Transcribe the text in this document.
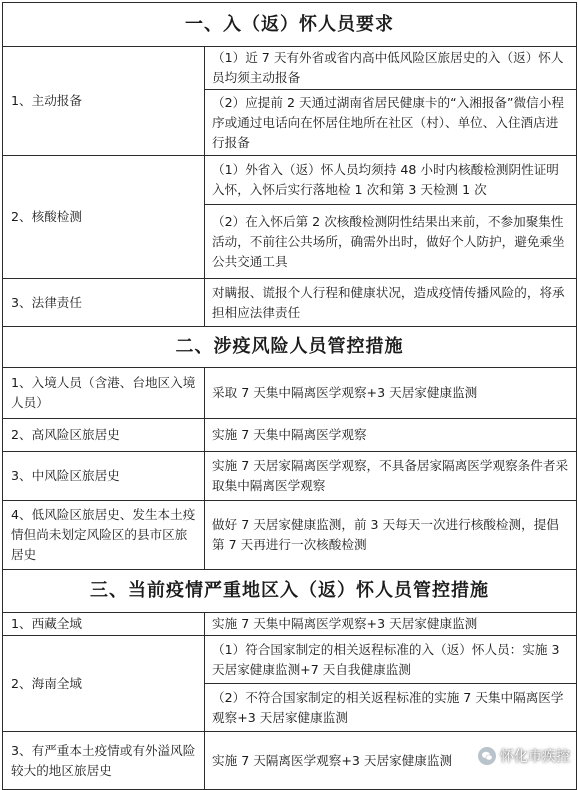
一、入（返）怀人员要求	
1、主动报备	（1）近 7 天有外省或省内高中低风险区旅居史的入（返）怀人员均须主动报备
	（2）应提前 2 天通过湖南省居民健康卡的“入湘报备”微信小程序或通过电话向在怀居住地所在社区（村）、单位、入住酒店进行报备
2、核酸检测	（1）外省入（返）怀人员均须持 48 小时内核酸检测阴性证明入怀，入怀后实行落地检 1 次和第 3 天检测 1 次
	（2）在入怀后第 2 次核酸检测阴性结果出来前，不参加聚集性活动，不前往公共场所，确需外出时，做好个人防护，避免乘坐公共交通工具
3、法律责任	对瞒报、谎报个人行程和健康状况，造成疫情传播风险的，将承担相应法律责任
二、涉疫风险人员管控措施	
1、入境人员（含港、台地区入境人员）	采取 7 天集中隔离医学观察+3 天居家健康监测
2、高风险区旅居史	实施 7 天集中隔离医学观察
3、中风险区旅居史	实施 7 天居家隔离医学观察，不具备居家隔离医学观察条件者采取集中隔离医学观察
4、低风险区旅居史、发生本土疫情但尚未划定风险区的县市区旅居史	做好 7 天居家健康监测，前 3 天每天一次进行核酸检测，提倡第 7 天再进行一次核酸检测
三、当前疫情严重地区入（返）怀人员管控措施	
1、西藏全域	实施 7 天集中隔离医学观察+3 天居家健康监测
2、海南全域	（1）符合国家制定的相关返程标准的入（返）怀人员：实施 3 天居家健康监测+7 天自我健康监测
	（2）不符合国家制定的相关返程标准的实施 7 天集中隔离医学观察+3 天居家健康监测
3、有严重本土疫情或有外溢风险较大的地区旅居史	实施 7 天隔离医学观察+3 天居家健康监测	怀化市疾控
